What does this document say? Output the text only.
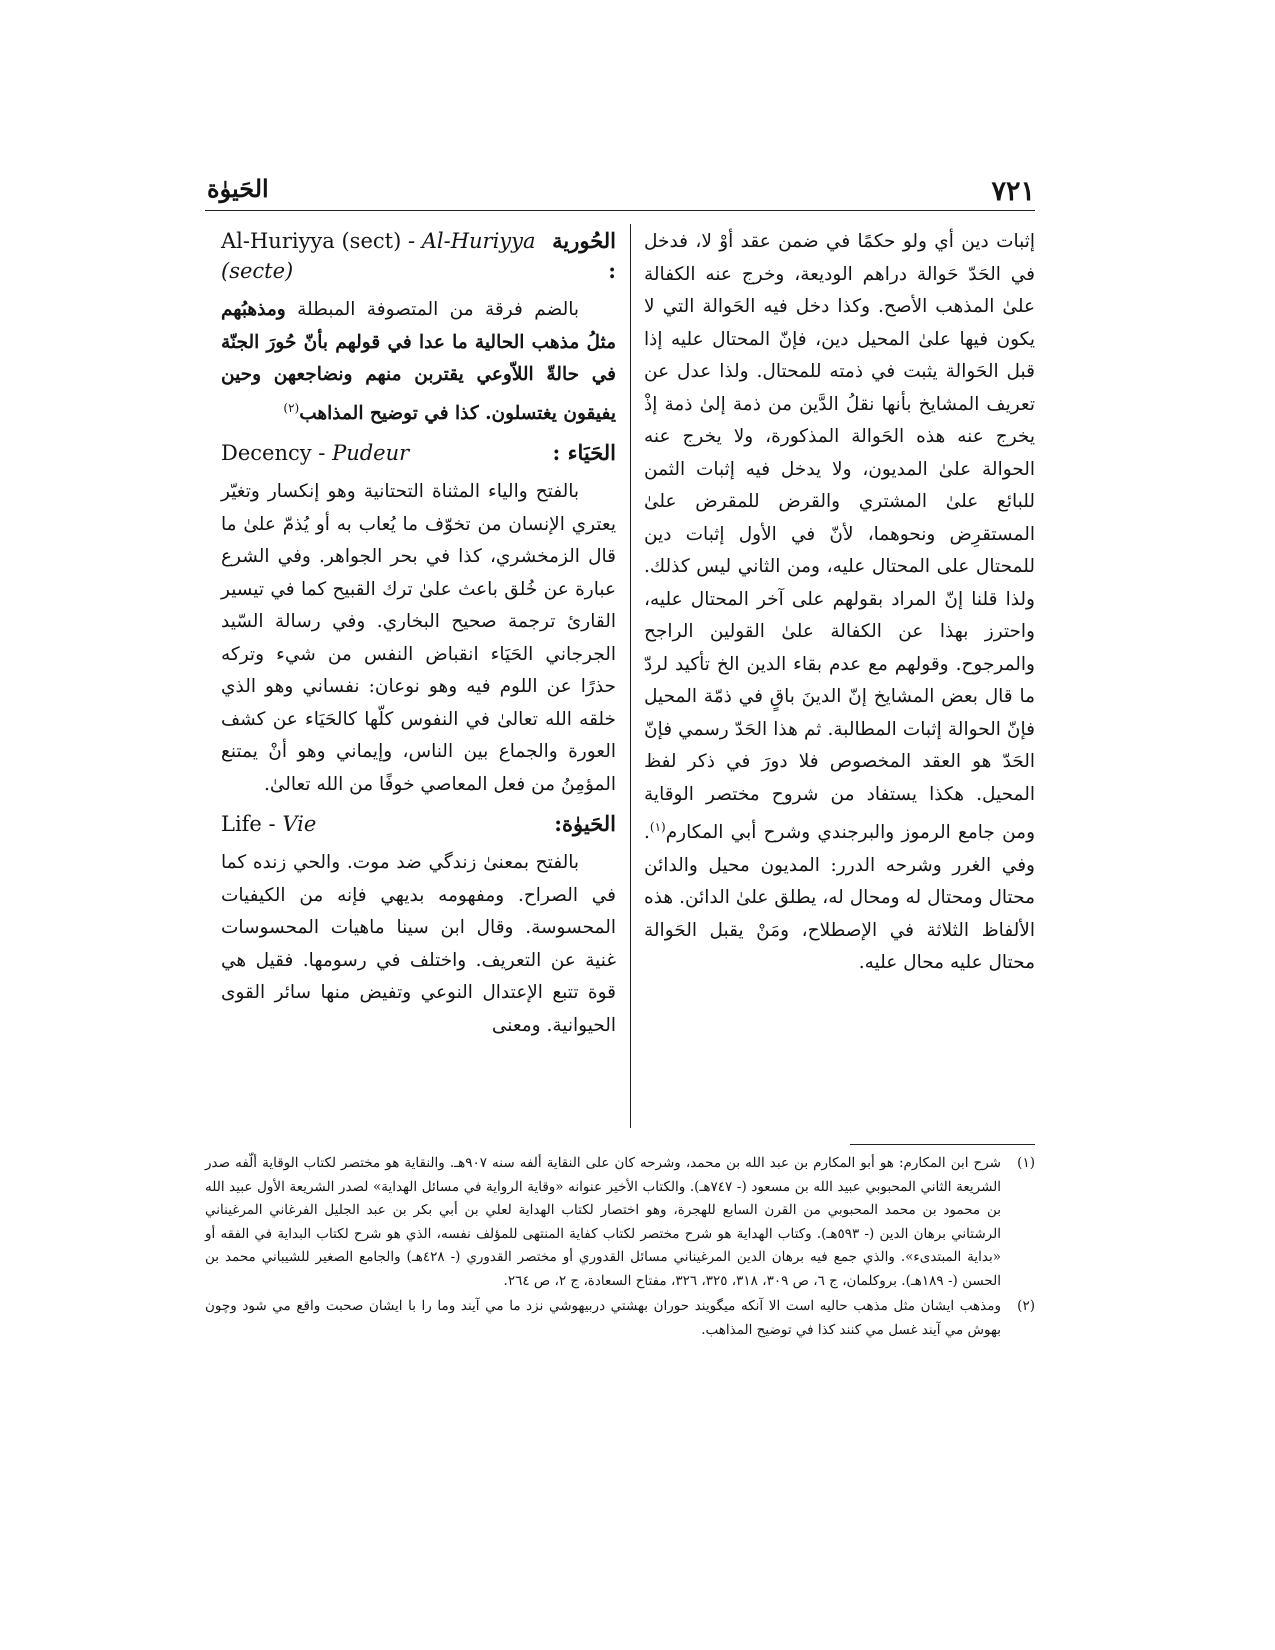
٧٢١
الحَيوٰة

إثبات دين أي ولو حكمًا في ضمن عقد أوْ لا، فدخل في الحَدّ حَوالة دراهم الوديعة، وخرج عنه الكفالة علىٰ المذهب الأصح. وكذا دخل فيه الحَوالة التي لا يكون فيها علىٰ المحيل دين، فإنّ المحتال عليه إذا قبل الحَوالة يثبت في ذمته للمحتال. ولذا عدل عن تعريف المشايخ بأنها نقلُ الدَّين من ذمة إلىٰ ذمة إذْ يخرج عنه هذه الحَوالة المذكورة، ولا يخرج عنه الحوالة علىٰ المديون، ولا يدخل فيه إثبات الثمن للبائع علىٰ المشتري والقرض للمقرض علىٰ المستقرِض ونحوهما، لأنّ في الأول إثبات دين للمحتال على المحتال عليه، ومن الثاني ليس كذلك. ولذا قلنا إنّ المراد بقولهم على آخر المحتال عليه، واحترز بهذا عن الكفالة علىٰ القولين الراجح والمرجوح. وقولهم مع عدم بقاء الدين الخ تأكيد لردّ ما قال بعض المشايخ إنّ الدينَ باقٍ في ذمّة المحيل فإنّ الحوالة إثبات المطالبة. ثم هذا الحَدّ رسمي فإنّ الحَدّ هو العقد المخصوص فلا دورَ في ذكر لفظ المحيل. هكذا يستفاد من شروح مختصر الوقاية ومن جامع الرموز والبرجندي وشرح أبي المكارم$^{(١)}$. وفي الغرر وشرحه الدرر: المديون محيل والدائن محتال ومحتال له ومحال له، يطلق علىٰ الدائن. هذه الألفاظ الثلاثة في الإصطلاح، ومَنْ يقبل الحَوالة محتال عليه محال عليه.

الحُورية :
Al-Huriyya (sect) - Al-Huriyya (secte)

بالضم فرقة من المتصوفة المبطلة ومذهبُهم مثلُ مذهب الحالية ما عدا في قولهم بأنّ حُورَ الجنّة في حالةّ اللاّوعي يقتربن منهم ونضاجعهن وحين يفيقون يغتسلون. كذا في توضيح المذاهب$^{(٢)}$

الحَيَاء :
Decency - Pudeur

بالفتح والياء المثناة التحتانية وهو إنكسار وتغيّر يعتري الإنسان من تخوّف ما يُعاب به أو يُذمّ علىٰ ما قال الزمخشري، كذا في بحر الجواهر. وفي الشرع عبارة عن خُلق باعث علىٰ ترك القبيح كما في تيسير القارئ ترجمة صحيح البخاري. وفي رسالة السّيد الجرجاني الحَيَاء انقباض النفس من شيء وتركه حذرًا عن اللوم فيه وهو نوعان: نفساني وهو الذي خلقه الله تعالىٰ في النفوس كلّها كالحَيَاء عن كشف العورة والجماع بين الناس، وإيماني وهو أنْ يمتنع المؤمِنُ من فعل المعاصي خوفًا من الله تعالىٰ.

الحَيوٰة:
Life - Vie

بالفتح بمعنىٰ زندگي ضد موت. والحي زنده كما في الصراح. ومفهومه بديهي فإنه من الكيفيات المحسوسة. وقال ابن سينا ماهيات المحسوسات غنية عن التعريف. واختلف في رسومها. فقيل هي قوة تتبع الإعتدال النوعي وتفيض منها سائر القوى الحيوانية. ومعنى

(١)
شرح ابن المكارم: هو أبو المكارم بن عبد الله بن محمد، وشرحه كان على النقاية ألفه سنه ٩٠٧هـ. والنقاية هو مختصر لكتاب الوقاية ألّفه صدر الشريعة الثاني المحبوبي عبيد الله بن مسعود (- ٧٤٧هـ). والكتاب الأخير عنوانه «وقاية الرواية في مسائل الهداية» لصدر الشريعة الأول عبيد الله بن محمود بن محمد المحبوبي من القرن السابع للهجرة، وهو اختصار لكتاب الهداية لعلي بن أبي بكر بن عبد الجليل الفرغاني المرغيناني الرشتاني برهان الدين (- ٥٩٣هـ). وكتاب الهداية هو شرح مختصر لكتاب كفاية المنتهى للمؤلف نفسه، الذي هو شرح لكتاب البداية في الفقه أو «بداية المبتدىء». والذي جمع فيه برهان الدين المرغيناني مسائل القدوري أو مختصر القدوري (- ٤٢٨هـ) والجامع الصغير للشيباني محمد بن الحسن (- ١٨٩هـ). بروكلمان، ج ٦، ص ٣٠٩، ٣١٨، ٣٢٥، ٣٢٦، مفتاح السعادة، ج ٢، ص ٢٦٤.
(٢)
ومذهب ايشان مثل مذهب حاليه است الا آنكه ميگويند حوران بهشتي دربيهوشي نزد ما مي آيند وما را با ايشان صحبت واقع مي شود وچون بهوش مي آيند غسل مي كنند كذا في توضيح المذاهب.
